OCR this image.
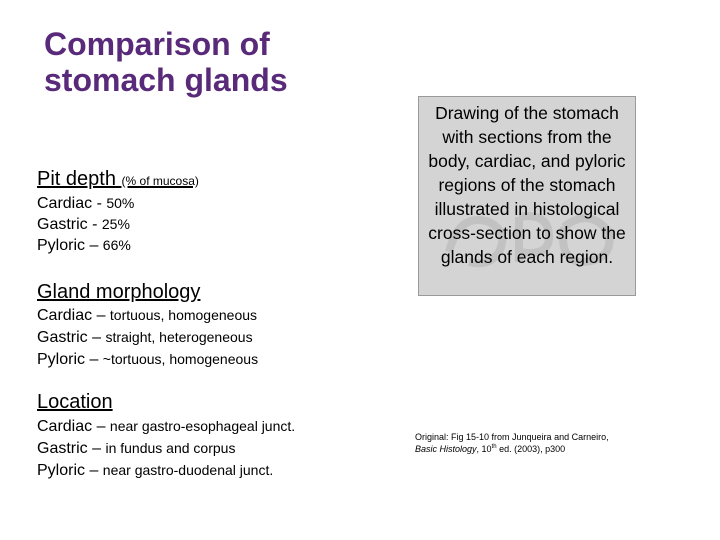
Comparison of stomach glands
Pit depth (% of mucosa)
Cardiac - 50%
Gastric - 25%
Pyloric – 66%
Gland morphology
Cardiac – tortuous, homogeneous
Gastric – straight, heterogeneous
Pyloric – ~tortuous, homogeneous
Location
Cardiac – near gastro-esophageal junct.
Gastric – in fundus and corpus
Pyloric – near gastro-duodenal junct.
Drawing of the stomach with sections from the body, cardiac, and pyloric regions of the stomach illustrated in histological cross-section to show the glands of each region.
Original: Fig 15-10 from Junqueira and Carneiro,
Basic Histology, 10th ed. (2003), p300
